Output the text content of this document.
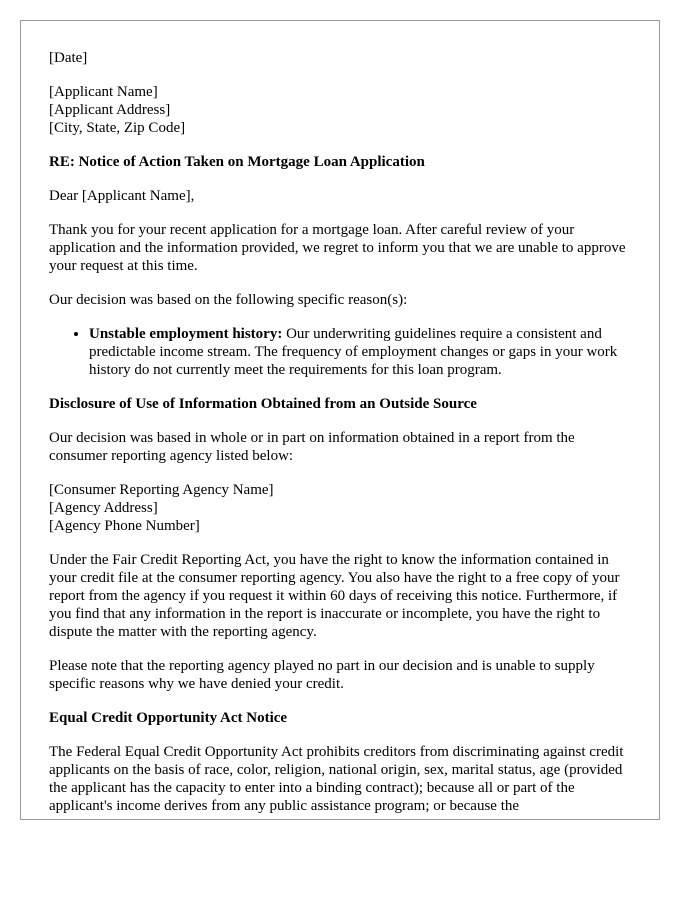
[Date]

[Applicant Name]
[Applicant Address]
[City, State, Zip Code]

RE: Notice of Action Taken on Mortgage Loan Application

Dear [Applicant Name],

Thank you for your recent application for a mortgage loan. After careful review of your application and the information provided, we regret to inform you that we are unable to approve your request at this time.

Our decision was based on the following specific reason(s):

• Unstable employment history: Our underwriting guidelines require a consistent and predictable income stream. The frequency of employment changes or gaps in your work history do not currently meet the requirements for this loan program.

Disclosure of Use of Information Obtained from an Outside Source

Our decision was based in whole or in part on information obtained in a report from the consumer reporting agency listed below:

[Consumer Reporting Agency Name]
[Agency Address]
[Agency Phone Number]

Under the Fair Credit Reporting Act, you have the right to know the information contained in your credit file at the consumer reporting agency. You also have the right to a free copy of your report from the agency if you request it within 60 days of receiving this notice. Furthermore, if you find that any information in the report is inaccurate or incomplete, you have the right to dispute the matter with the reporting agency.

Please note that the reporting agency played no part in our decision and is unable to supply specific reasons why we have denied your credit.

Equal Credit Opportunity Act Notice

The Federal Equal Credit Opportunity Act prohibits creditors from discriminating against credit applicants on the basis of race, color, religion, national origin, sex, marital status, age (provided the applicant has the capacity to enter into a binding contract); because all or part of the applicant's income derives from any public assistance program; or because the
